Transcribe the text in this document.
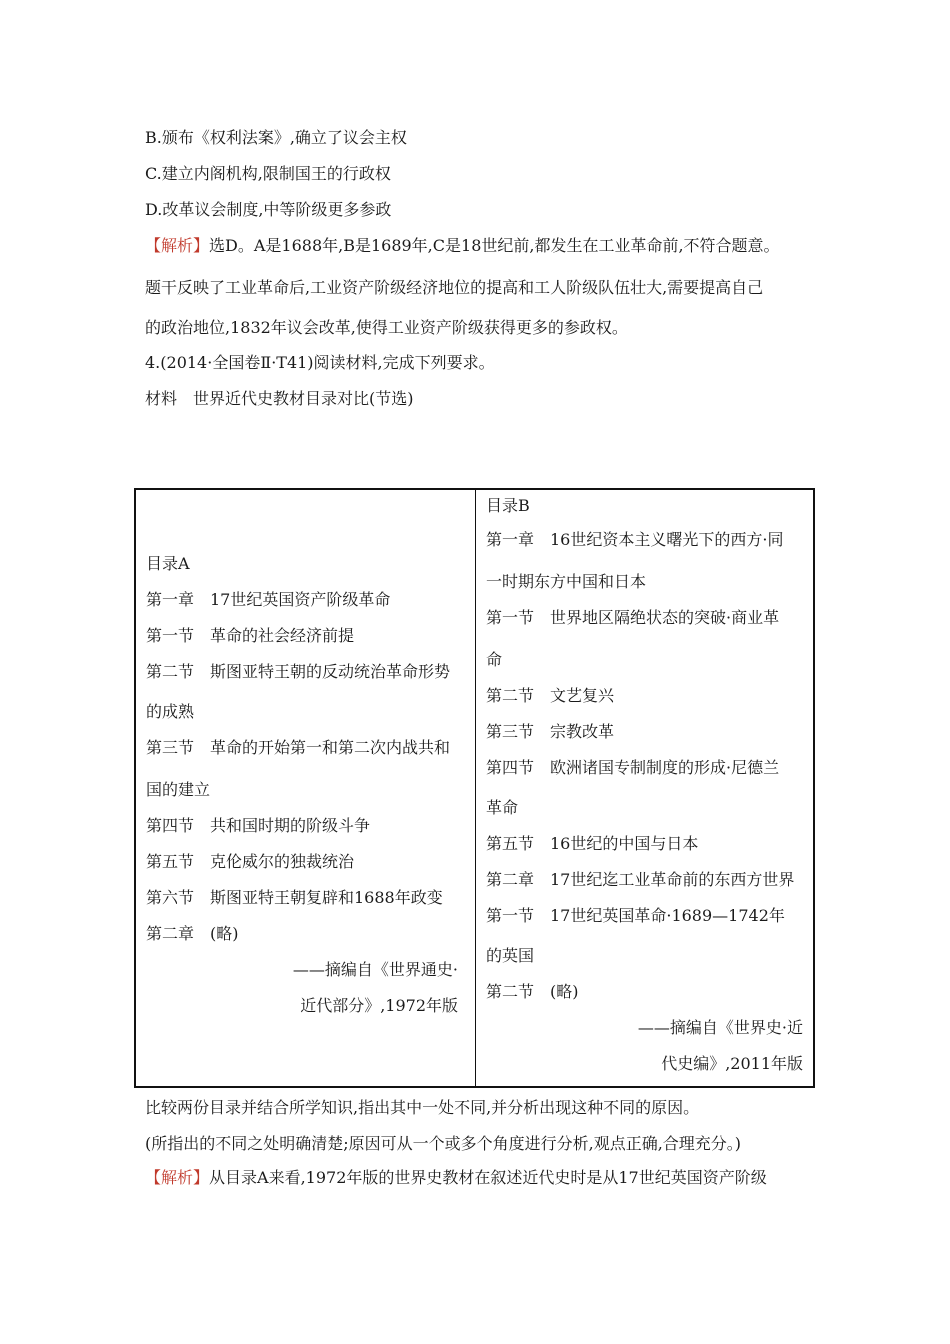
B.颁布《权利法案》,确立了议会主权
C.建立内阁机构,限制国王的行政权
D.改革议会制度,中等阶级更多参政
【解析】选D。A是1688年,B是1689年,C是18世纪前,都发生在工业革命前,不符合题意。
题干反映了工业革命后,工业资产阶级经济地位的提高和工人阶级队伍壮大,需要提高自己
的政治地位,1832年议会改革,使得工业资产阶级获得更多的参政权。
4.(2014·全国卷Ⅱ·T41)阅读材料,完成下列要求。
材料　世界近代史教材目录对比(节选)
目录A
第一章　17世纪英国资产阶级革命
第一节　革命的社会经济前提
第二节　斯图亚特王朝的反动统治革命形势
的成熟
第三节　革命的开始第一和第二次内战共和
国的建立
第四节　共和国时期的阶级斗争
第五节　克伦威尔的独裁统治
第六节　斯图亚特王朝复辟和1688年政变
第二章　(略)
——摘编自《世界通史·
近代部分》,1972年版
目录B
第一章　16世纪资本主义曙光下的西方·同
一时期东方中国和日本
第一节　世界地区隔绝状态的突破·商业革
命
第二节　文艺复兴
第三节　宗教改革
第四节　欧洲诸国专制制度的形成·尼德兰
革命
第五节　16世纪的中国与日本
第二章　17世纪迄工业革命前的东西方世界
第一节　17世纪英国革命·1689—1742年
的英国
第二节　(略)
——摘编自《世界史·近
代史编》,2011年版
比较两份目录并结合所学知识,指出其中一处不同,并分析出现这种不同的原因。
(所指出的不同之处明确清楚;原因可从一个或多个角度进行分析,观点正确,合理充分。)
【解析】从目录A来看,1972年版的世界史教材在叙述近代史时是从17世纪英国资产阶级
